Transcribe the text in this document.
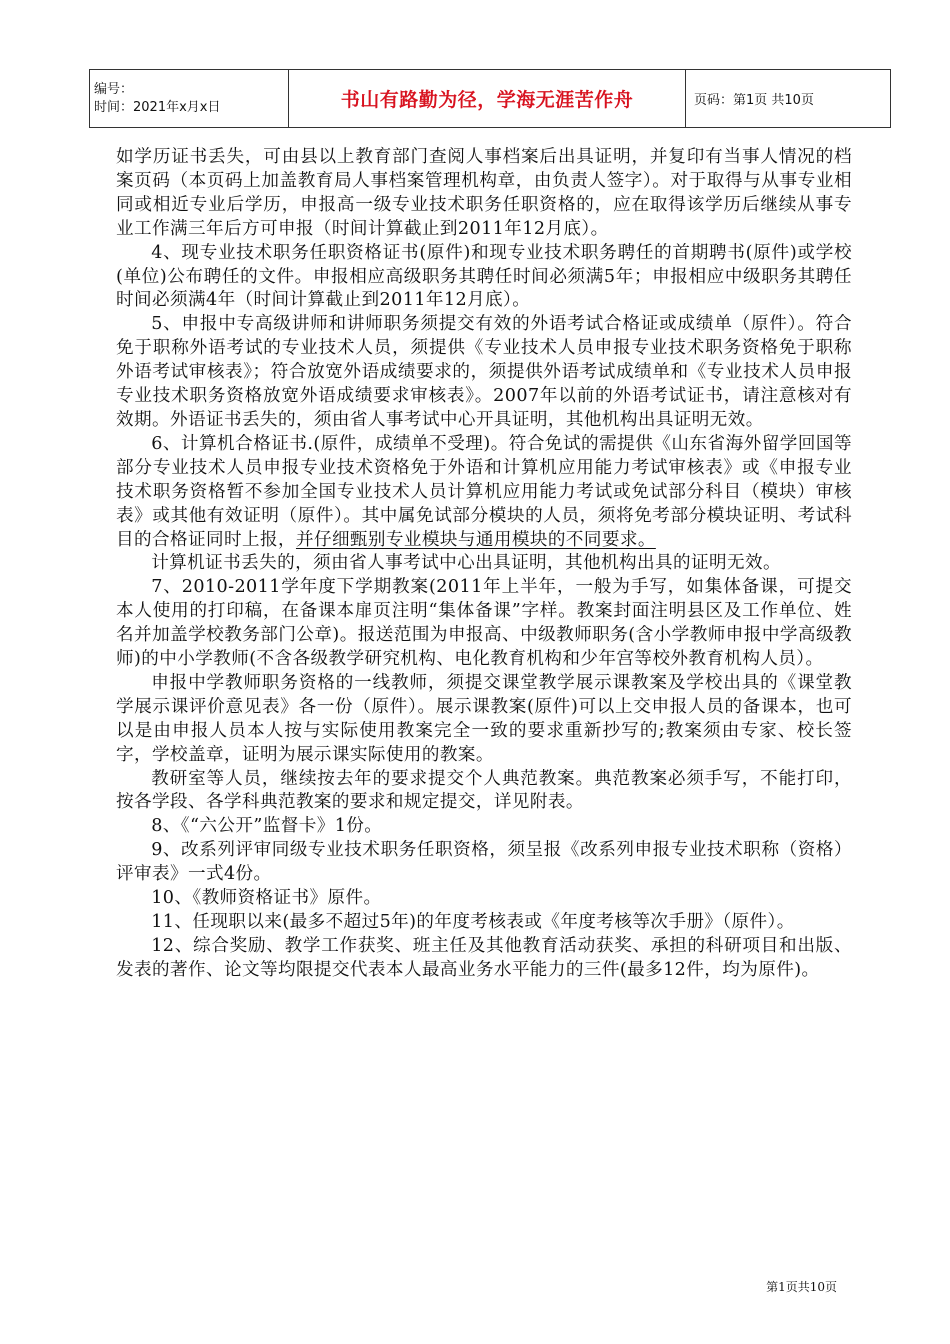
编号：
时间：2021年x月x日	书山有路勤为径，学海无涯苦作舟	页码：第1页 共10页

如学历证书丢失，可由县以上教育部门查阅人事档案后出具证明，并复印有当事人情况的档案页码（本页码上加盖教育局人事档案管理机构章，由负责人签字）。对于取得与从事专业相同或相近专业后学历，申报高一级专业技术职务任职资格的，应在取得该学历后继续从事专业工作满三年后方可申报（时间计算截止到2011年12月底）。

4、现专业技术职务任职资格证书(原件)和现专业技术职务聘任的首期聘书(原件)或学校(单位)公布聘任的文件。申报相应高级职务其聘任时间必须满5年；申报相应中级职务其聘任时间必须满4年（时间计算截止到2011年12月底）。

5、申报中专高级讲师和讲师职务须提交有效的外语考试合格证或成绩单（原件）。符合免于职称外语考试的专业技术人员，须提供《专业技术人员申报专业技术职务资格免于职称外语考试审核表》；符合放宽外语成绩要求的，须提供外语考试成绩单和《专业技术人员申报专业技术职务资格放宽外语成绩要求审核表》。2007年以前的外语考试证书，请注意核对有效期。外语证书丢失的，须由省人事考试中心开具证明，其他机构出具证明无效。

6、计算机合格证书.(原件，成绩单不受理)。符合免试的需提供《山东省海外留学回国等部分专业技术人员申报专业技术资格免于外语和计算机应用能力考试审核表》或《申报专业技术职务资格暂不参加全国专业技术人员计算机应用能力考试或免试部分科目（模块）审核表》或其他有效证明（原件）。其中属免试部分模块的人员，须将免考部分模块证明、考试科目的合格证同时上报，并仔细甄别专业模块与通用模块的不同要求。

计算机证书丢失的，须由省人事考试中心出具证明，其他机构出具的证明无效。

7、2010-2011学年度下学期教案(2011年上半年，一般为手写，如集体备课，可提交本人使用的打印稿，在备课本扉页注明“集体备课”字样。教案封面注明县区及工作单位、姓名并加盖学校教务部门公章)。报送范围为申报高、中级教师职务(含小学教师申报中学高级教师)的中小学教师(不含各级教学研究机构、电化教育机构和少年宫等校外教育机构人员）。

申报中学教师职务资格的一线教师，须提交课堂教学展示课教案及学校出具的《课堂教学展示课评价意见表》各一份（原件）。展示课教案(原件)可以上交申报人员的备课本，也可以是由申报人员本人按与实际使用教案完全一致的要求重新抄写的;教案须由专家、校长签字，学校盖章，证明为展示课实际使用的教案。

教研室等人员，继续按去年的要求提交个人典范教案。典范教案必须手写，不能打印，按各学段、各学科典范教案的要求和规定提交，详见附表。

8、《“六公开”监督卡》1份。

9、改系列评审同级专业技术职务任职资格，须呈报《改系列申报专业技术职称（资格）评审表》一式4份。

10、《教师资格证书》原件。

11、任现职以来(最多不超过5年)的年度考核表或《年度考核等次手册》（原件）。

12、综合奖励、教学工作获奖、班主任及其他教育活动获奖、承担的科研项目和出版、发表的著作、论文等均限提交代表本人最高业务水平能力的三件(最多12件，均为原件)。

第1页共10页
